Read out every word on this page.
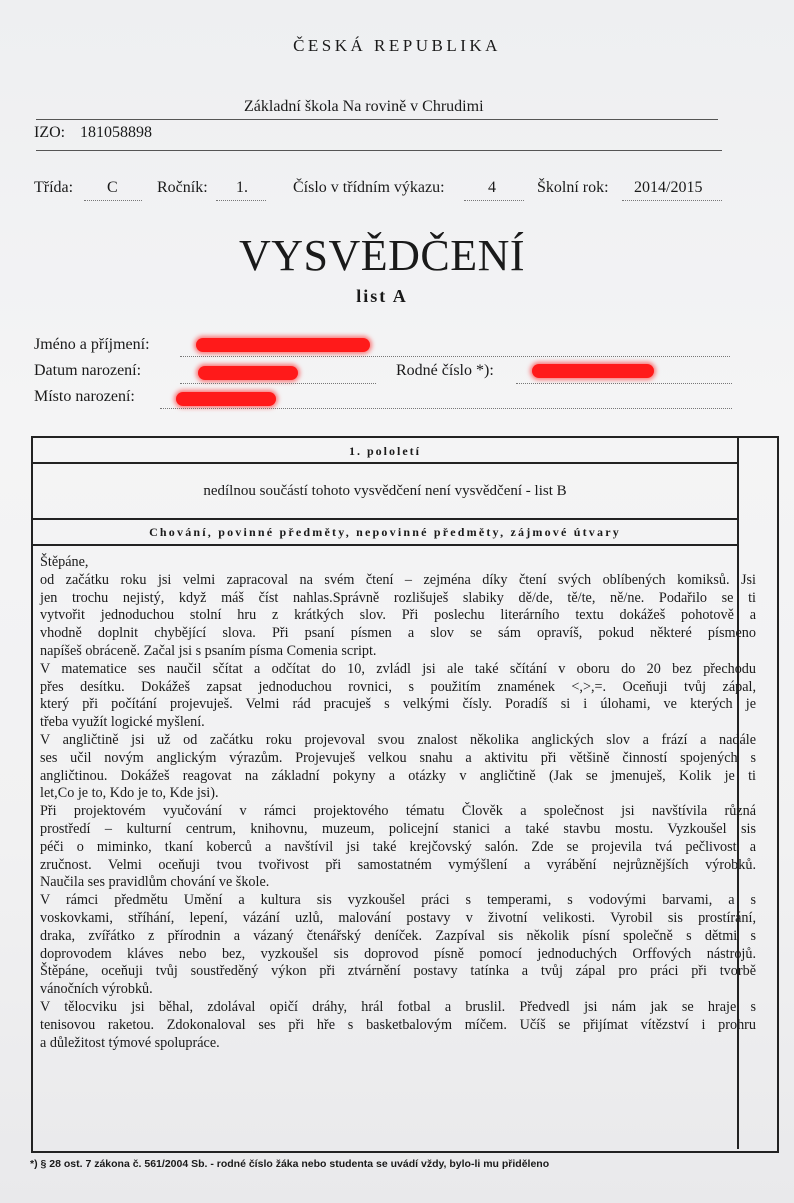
ČESKÁ REPUBLIKA
Základní škola Na rovině v Chrudimi
IZO: 181058898
Třída: C Ročník: 1.	Číslo v třídním výkazu:	4	Školní rok: 2014/2015
VYSVĚDČENÍ
list A
Jméno a příjmení:
Datum narození:	Rodné číslo *):
Místo narození:
1. pololetí
nedílnou součástí tohoto vysvědčení není vysvědčení - list B
Chování, povinné předměty, nepovinné předměty, zájmové útvary
Štěpáne,
od začátku roku jsi velmi zapracoval na svém čtení – zejména díky čtení svých oblíbených komiksů. Jsi
jen trochu nejistý, když máš číst nahlas.Správně rozlišuješ slabiky dě/de, tě/te, ně/ne. Podařilo se ti
vytvořit jednoduchou stolní hru z krátkých slov. Při poslechu literárního textu dokážeš pohotově a
vhodně doplnit chybějící slova. Při psaní písmen a slov se sám opravíš, pokud některé písmeno
napíšeš obráceně. Začal jsi s psaním písma Comenia script.
V matematice ses naučil sčítat a odčítat do 10, zvládl jsi ale také sčítání v oboru do 20 bez přechodu
přes desítku. Dokážeš zapsat jednoduchou rovnici, s použitím znamének <,>,=. Oceňuji tvůj zápal,
který při počítání projevuješ. Velmi rád pracuješ s velkými čísly. Poradíš si i úlohami, ve kterých je
třeba využít logické myšlení.
V angličtině jsi už od začátku roku projevoval svou znalost několika anglických slov a frází a nadále
ses učil novým anglickým výrazům. Projevuješ velkou snahu a aktivitu při většině činností spojených s
angličtinou. Dokážeš reagovat na základní pokyny a otázky v angličtině (Jak se jmenuješ, Kolik je ti
let,Co je to, Kdo je to, Kde jsi).
Při projektovém vyučování v rámci projektového tématu Člověk a společnost jsi navštívila různá
prostředí – kulturní centrum, knihovnu, muzeum, policejní stanici a také stavbu mostu. Vyzkoušel sis
péči o miminko, tkaní koberců a navštívil jsi také krejčovský salón. Zde se projevila tvá pečlivost a
zručnost. Velmi oceňuji tvou tvořivost při samostatném vymýšlení a vyrábění nejrůznějších výrobků.
Naučila ses pravidlům chování ve škole.
V rámci předmětu Umění a kultura sis vyzkoušel práci s temperami, s vodovými barvami, a s
voskovkami, stříhání, lepení, vázání uzlů, malování postavy v životní velikosti. Vyrobil sis prostírání,
draka, zvířátko z přírodnin a vázaný čtenářský deníček. Zazpíval sis několik písní společně s dětmi s
doprovodem kláves nebo bez, vyzkoušel sis doprovod písně pomocí jednoduchých Orffových nástrojů.
Štěpáne, oceňuji tvůj soustředěný výkon při ztvárnění postavy tatínka a tvůj zápal pro práci při tvorbě
vánočních výrobků.
V tělocviku jsi běhal, zdolával opičí dráhy, hrál fotbal a bruslil. Předvedl jsi nám jak se hraje s
tenisovou raketou. Zdokonaloval ses při hře s basketbalovým míčem. Učíš se přijímat vítězství i prohru
a důležitost týmové spolupráce.
*) § 28 ost. 7 zákona č. 561/2004 Sb. - rodné číslo žáka nebo studenta se uvádí vždy, bylo-li mu přiděleno
